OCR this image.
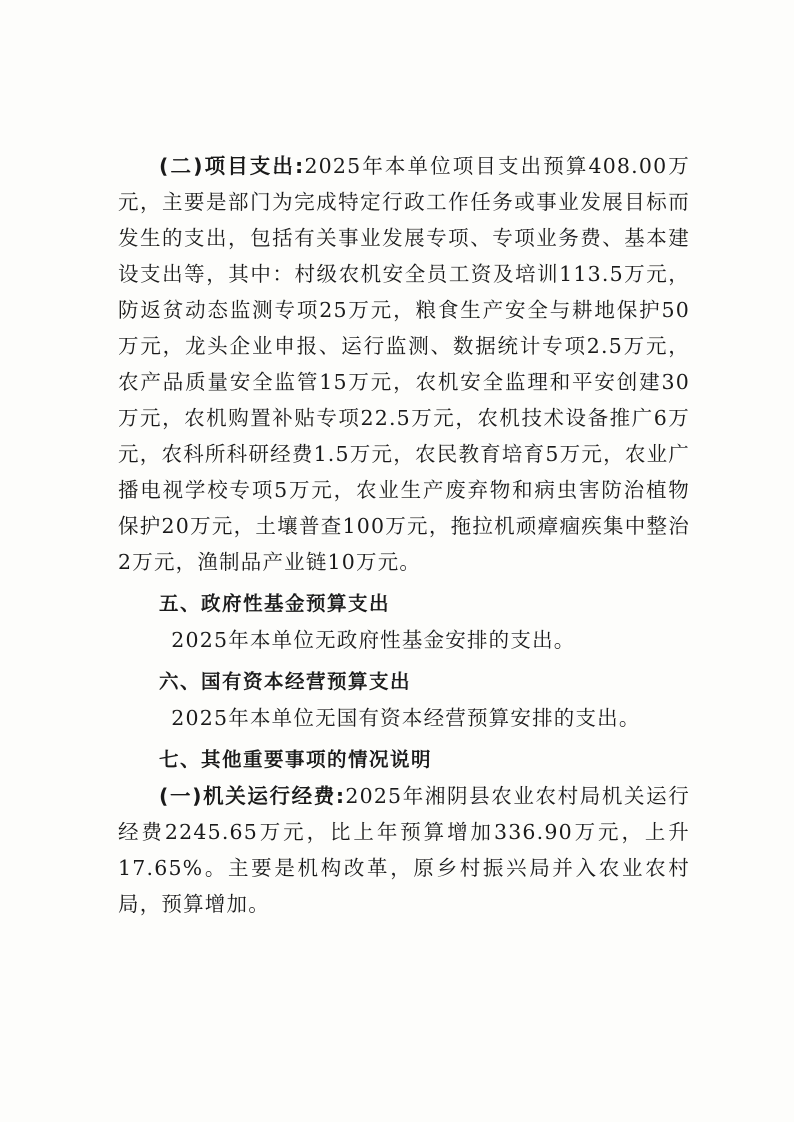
(二)项目支出:2025年本单位项目支出预算408.00万元，主要是部门为完成特定行政工作任务或事业发展目标而发生的支出，包括有关事业发展专项、专项业务费、基本建设支出等，其中：村级农机安全员工资及培训113.5万元，防返贫动态监测专项25万元，粮食生产安全与耕地保护50万元，龙头企业申报、运行监测、数据统计专项2.5万元，农产品质量安全监管15万元，农机安全监理和平安创建30万元，农机购置补贴专项22.5万元，农机技术设备推广6万元，农科所科研经费1.5万元，农民教育培育5万元，农业广播电视学校专项5万元，农业生产废弃物和病虫害防治植物保护20万元，土壤普查100万元，拖拉机顽瘴痼疾集中整治2万元，渔制品产业链10万元。

五、政府性基金预算支出

2025年本单位无政府性基金安排的支出。

六、国有资本经营预算支出

2025年本单位无国有资本经营预算安排的支出。

七、其他重要事项的情况说明

(一)机关运行经费:2025年湘阴县农业农村局机关运行经费2245.65万元，比上年预算增加336.90万元，上升17.65%。主要是机构改革，原乡村振兴局并入农业农村局，预算增加。
